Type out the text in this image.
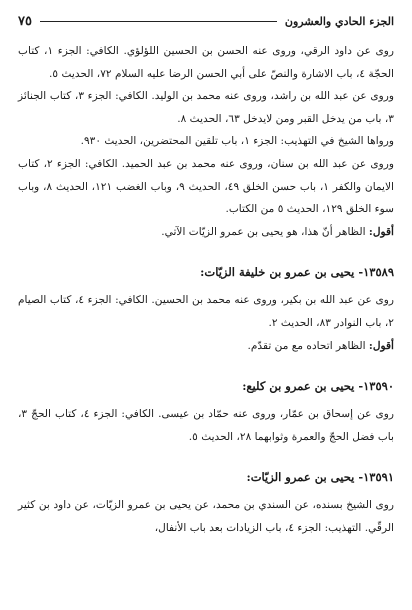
الجزء الحادي والعشرون
٧٥

روى عن داود الرقي، وروى عنه الحسن بن الحسين اللؤلؤي. الكافي: الجزء ١، كتاب الحجّة ٤، باب الاشارة والنصّ على أبي الحسن الرضا عليه السلام ٧٢، الحديث ٥.

وروى عن عبد الله بن راشد، وروى عنه محمد بن الوليد. الكافي: الجزء ٣، كتاب الجنائز ٣، باب من يدخل القبر ومن لايدخل ٦٣، الحديث ٨.

ورواها الشيخ في التهذيب: الجزء ١، باب تلقين المحتضرين، الحديث ٩٣٠.

وروى عن عبد الله بن سنان، وروى عنه محمد بن عبد الحميد. الكافي: الجزء ٢، كتاب الايمان والكفر ١، باب حسن الخلق ٤٩، الحديث ٩، وباب الغضب ١٢١، الحديث ٨، وباب سوء الخلق ١٢٩، الحديث ٥ من الكتاب.

أقول: الظاهر أنّ هذا، هو يحيى بن عمرو الزيّات الآتي.

١٣٥٨٩- يحيى بن عمرو بن خليفة الزيّات:

روى عن عبد الله بن بكير، وروى عنه محمد بن الحسين. الكافي: الجزء ٤، كتاب الصيام ٢، باب النوادر ٨٣، الحديث ٢.

أقول: الظاهر اتحاده مع من تقدّم.

١٣٥٩٠- يحيى بن عمرو بن كليع:

روى عن إسحاق بن عمّار، وروى عنه حمّاد بن عيسى. الكافي: الجزء ٤، كتاب الحجّ ٣، باب فضل الحجّ والعمرة وثوابهما ٢٨، الحديث ٥.

١٣٥٩١- يحيى بن عمرو الزيّات:

روى الشيخ بسنده، عن السندي بن محمد، عن يحيى بن عمرو الزيّات، عن داود بن كثير الرقّي. التهذيب: الجزء ٤، باب الزيادات بعد باب الأنفال،
